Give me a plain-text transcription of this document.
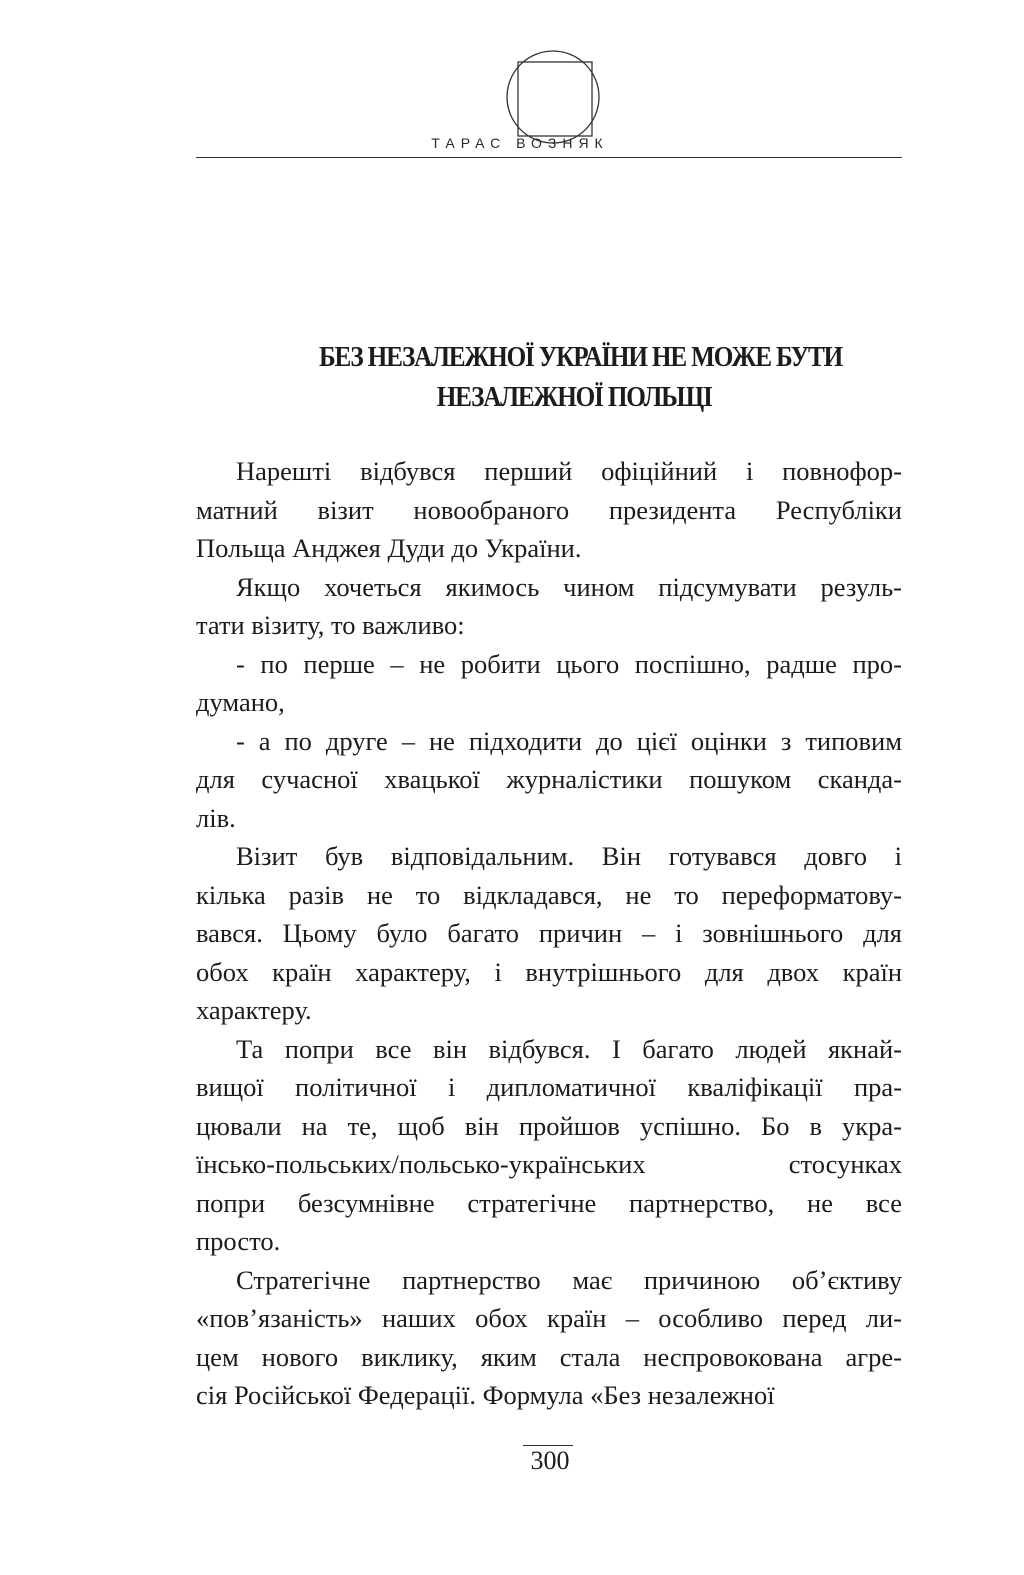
ТАРАС ВОЗНЯК
БЕЗ НЕЗАЛЕЖНОЇ УКРАЇНИ НЕ МОЖЕ БУТИ
НЕЗАЛЕЖНОЇ ПОЛЬЩІ

Нарешті відбувся перший офіційний і повнофор-
матний візит новообраного президента Республіки
Польща Анджея Дуди до України.

Якщо хочеться якимось чином підсумувати резуль-
тати візиту, то важливо:

- по перше – не робити цього поспішно, радше про-
думано,

- а по друге – не підходити до цієї оцінки з типовим
для сучасної хвацької журналістики пошуком сканда-
лів.

Візит був відповідальним. Він готувався довго і
кілька разів не то відкладався, не то переформатову-
вався. Цьому було багато причин – і зовнішнього для
обох країн характеру, і внутрішнього для двох країн
характеру.

Та попри все він відбувся. І багато людей якнай-
вищої політичної і дипломатичної кваліфікації пра-
цювали на те, щоб він пройшов успішно. Бо в укра-
їнсько-польських/польсько-українських стосунках
попри безсумнівне стратегічне партнерство, не все
просто.

Стратегічне партнерство має причиною об’єктиву
«пов’язаність» наших обох країн – особливо перед ли-
цем нового виклику, яким стала неспровокована агре-
сія Російської Федерації. Формула «Без незалежної

300
